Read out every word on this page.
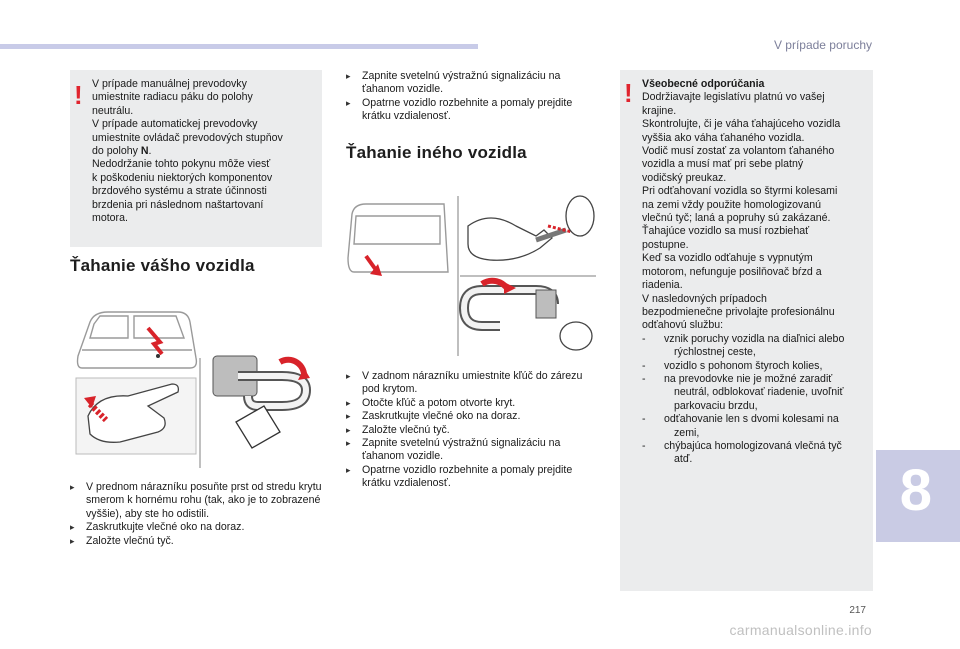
V prípade poruchy
! V prípade manuálnej prevodovky

umiestnite radiacu páku do polohy

neutrálu.

V prípade automatickej prevodovky

umiestnite ovládač prevodových stupňov

do polohy N.

Nedodržanie tohto pokynu môže viesť

k poškodeniu niektorých komponentov

brzdového systému a strate účinnosti

brzdenia pri následnom naštartovaní

motora.

Ťahanie vášho vozidla

▸ V prednom nárazníku posuňte prst od stredu krytu smerom k hornému rohu (tak, ako je to zobrazené vyššie), aby ste ho odistili.

▸ Zaskrutkujte vlečné oko na doraz.

▸ Založte vlečnú tyč.

▸ Zapnite svetelnú výstražnú signalizáciu na ťahanom vozidle.

▸ Opatrne vozidlo rozbehnite a pomaly prejdite krátku vzdialenosť.

Ťahanie iného vozidla

▸ V zadnom nárazníku umiestnite kľúč do zárezu pod krytom.

▸ Otočte kľúč a potom otvorte kryt.

▸ Zaskrutkujte vlečné oko na doraz.

▸ Založte vlečnú tyč.

▸ Zapnite svetelnú výstražnú signalizáciu na ťahanom vozidle.

▸ Opatrne vozidlo rozbehnite a pomaly prejdite krátku vzdialenosť.

! Všeobecné odporúčania

Dodržiavajte legislatívu platnú vo vašej

krajine.

Skontrolujte, či je váha ťahajúceho vozidla

vyššia ako váha ťahaného vozidla.

Vodič musí zostať za volantom ťahaného

vozidla a musí mať pri sebe platný

vodičský preukaz.

Pri odťahovaní vozidla so štyrmi kolesami

na zemi vždy použite homologizovanú

vlečnú tyč; laná a popruhy sú zakázané.

Ťahajúce vozidlo sa musí rozbiehať

postupne.

Keď sa vozidlo odťahuje s vypnutým

motorom, nefunguje posilňovač bŕzd a

riadenia.

V nasledovných prípadoch

bezpodmienečne privolajte profesionálnu

odťahovú službu:

- vznik poruchy vozidla na diaľnici alebo
rýchlostnej ceste,
- vozidlo s pohonom štyroch kolies,
- na prevodovke nie je možné zaradiť
neutrál, odblokovať riadenie, uvoľniť
parkovaciu brzdu,
- odťahovanie len s dvomi kolesami na
zemi,
- chýbajúca homologizovaná vlečná tyč
atď.	8
217
carmanualsonline.info
